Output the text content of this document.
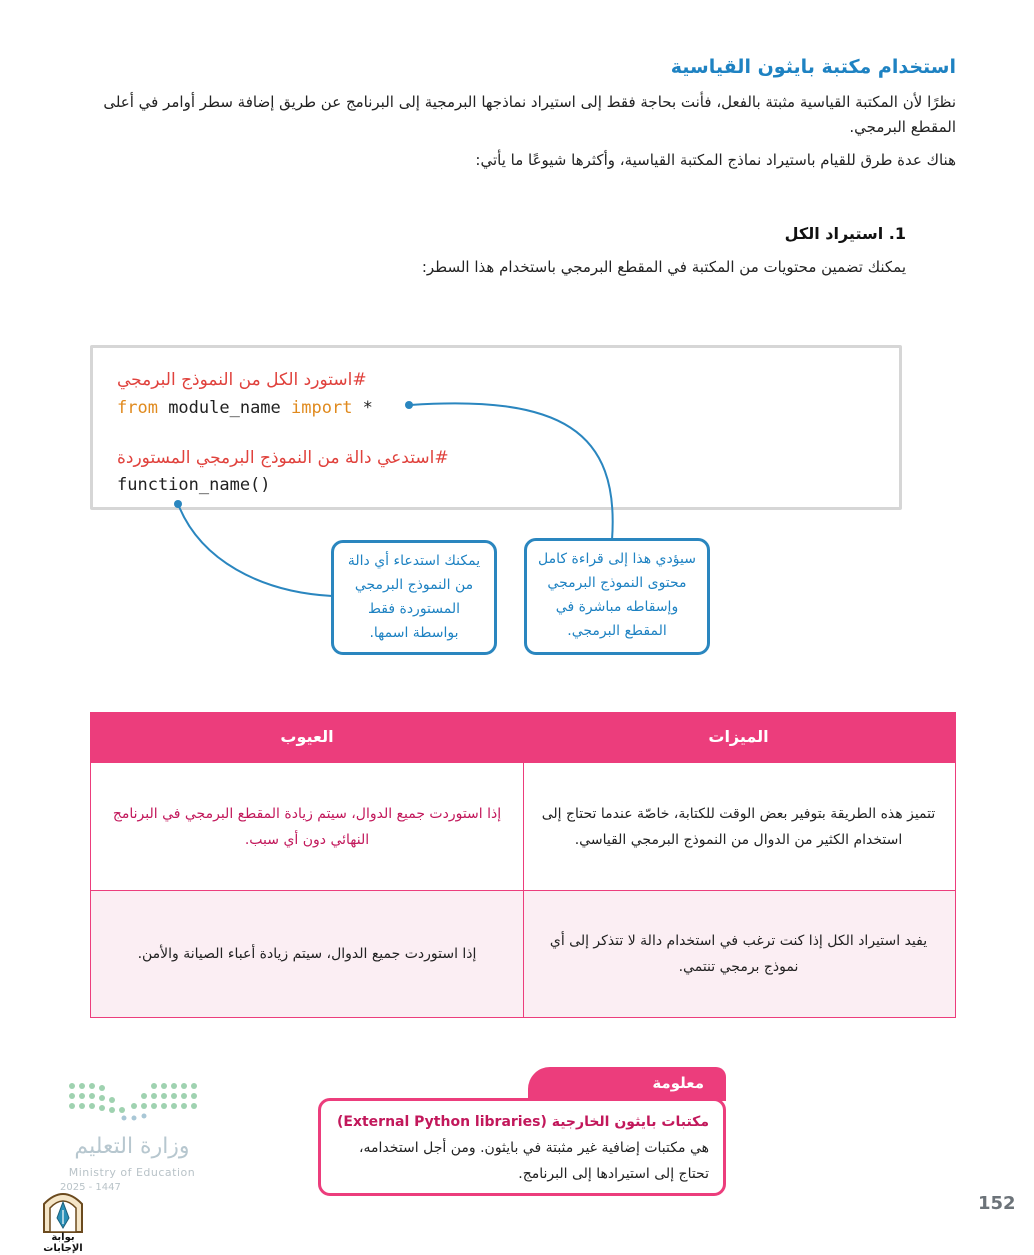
استخدام مكتبة بايثون القياسية
نظرًا لأن المكتبة القياسية مثبتة بالفعل، فأنت بحاجة فقط إلى استيراد نماذجها البرمجية إلى البرنامج عن طريق إضافة سطر أوامر في أعلى المقطع البرمجي.
هناك عدة طرق للقيام باستيراد نماذج المكتبة القياسية، وأكثرها شيوعًا ما يأتي:
1. استيراد الكل
يمكنك تضمين محتويات من المكتبة في المقطع البرمجي باستخدام هذا السطر:
#استورد الكل من النموذج البرمجي
from module_name import *
#استدعي دالة من النموذج البرمجي المستوردة
function_name()
يمكنك استدعاء أي دالة من النموذج البرمجي المستوردة فقط بواسطة اسمها.
سيؤدي هذا إلى قراءة كامل محتوى النموذج البرمجي وإسقاطه مباشرة في المقطع البرمجي.
الميزات
العيوب
تتميز هذه الطريقة بتوفير بعض الوقت للكتابة، خاصّة عندما تحتاج إلى استخدام الكثير من الدوال من النموذج البرمجي القياسي.
إذا استوردت جميع الدوال، سيتم زيادة المقطع البرمجي في البرنامج النهائي دون أي سبب.
يفيد استيراد الكل إذا كنت ترغب في استخدام دالة لا تتذكر إلى أي نموذج برمجي تنتمي.
إذا استوردت جميع الدوال، سيتم زيادة أعباء الصيانة والأمن.
معلومة
مكتبات بايثون الخارجية (External Python libraries)
هي مكتبات إضافية غير مثبتة في بايثون. ومن أجل استخدامه، تحتاج إلى استيرادها إلى البرنامج.
وزارة التعليم
Ministry of Education
2025 - 1447
بوابة الإجابات
152
